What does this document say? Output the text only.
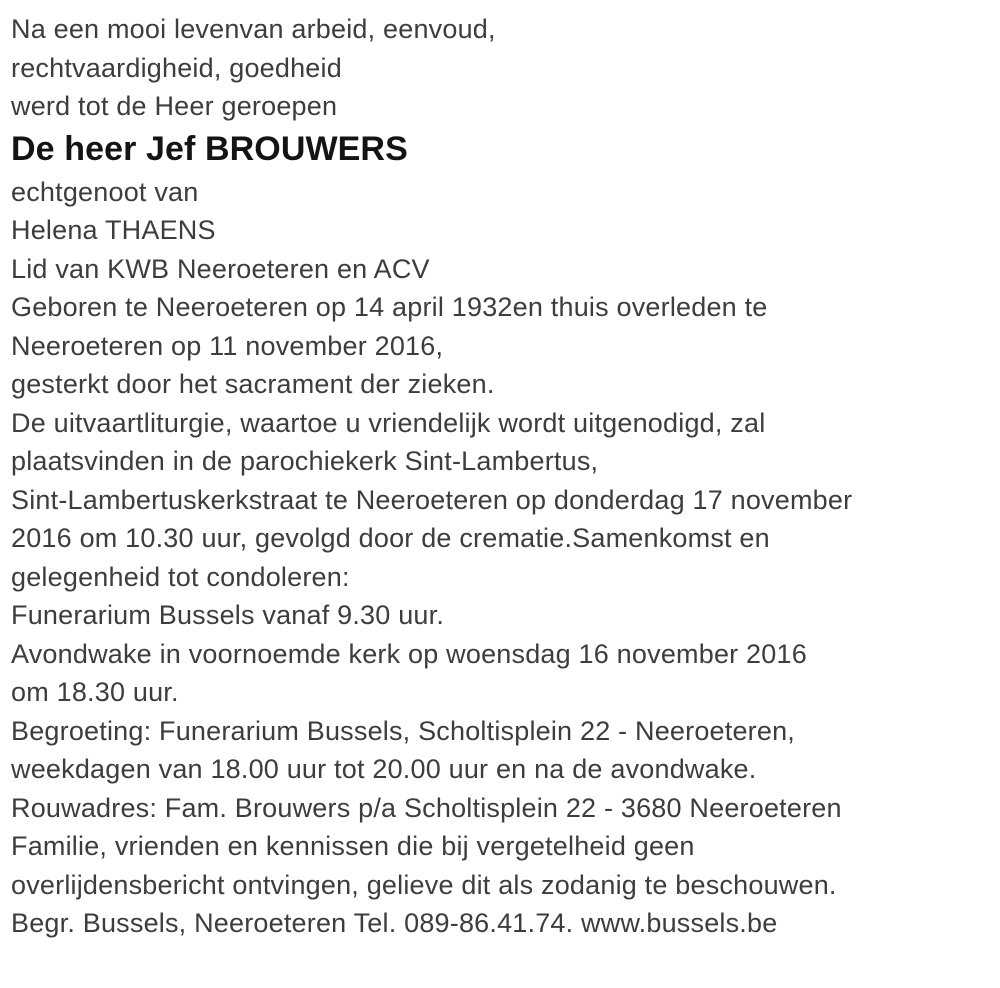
Na een mooi levenvan arbeid, eenvoud,
rechtvaardigheid, goedheid
werd tot de Heer geroepen
De heer Jef BROUWERS
echtgenoot van
Helena THAENS
Lid van KWB Neeroeteren en ACV
Geboren te Neeroeteren op 14 april 1932en thuis overleden te
Neeroeteren op 11 november 2016,
gesterkt door het sacrament der zieken.
De uitvaartliturgie, waartoe u vriendelijk wordt uitgenodigd, zal
plaatsvinden in de parochiekerk Sint-Lambertus,
Sint-Lambertuskerkstraat te Neeroeteren op donderdag 17 november
2016 om 10.30 uur, gevolgd door de crematie.Samenkomst en
gelegenheid tot condoleren:
Funerarium Bussels vanaf 9.30 uur.
Avondwake in voornoemde kerk op woensdag 16 november 2016
om 18.30 uur.
Begroeting: Funerarium Bussels, Scholtisplein 22 - Neeroeteren,
weekdagen van 18.00 uur tot 20.00 uur en na de avondwake.
Rouwadres: Fam. Brouwers p/a Scholtisplein 22 - 3680 Neeroeteren
Familie, vrienden en kennissen die bij vergetelheid geen
overlijdensbericht ontvingen, gelieve dit als zodanig te beschouwen.
Begr. Bussels, Neeroeteren Tel. 089-86.41.74. www.bussels.be
